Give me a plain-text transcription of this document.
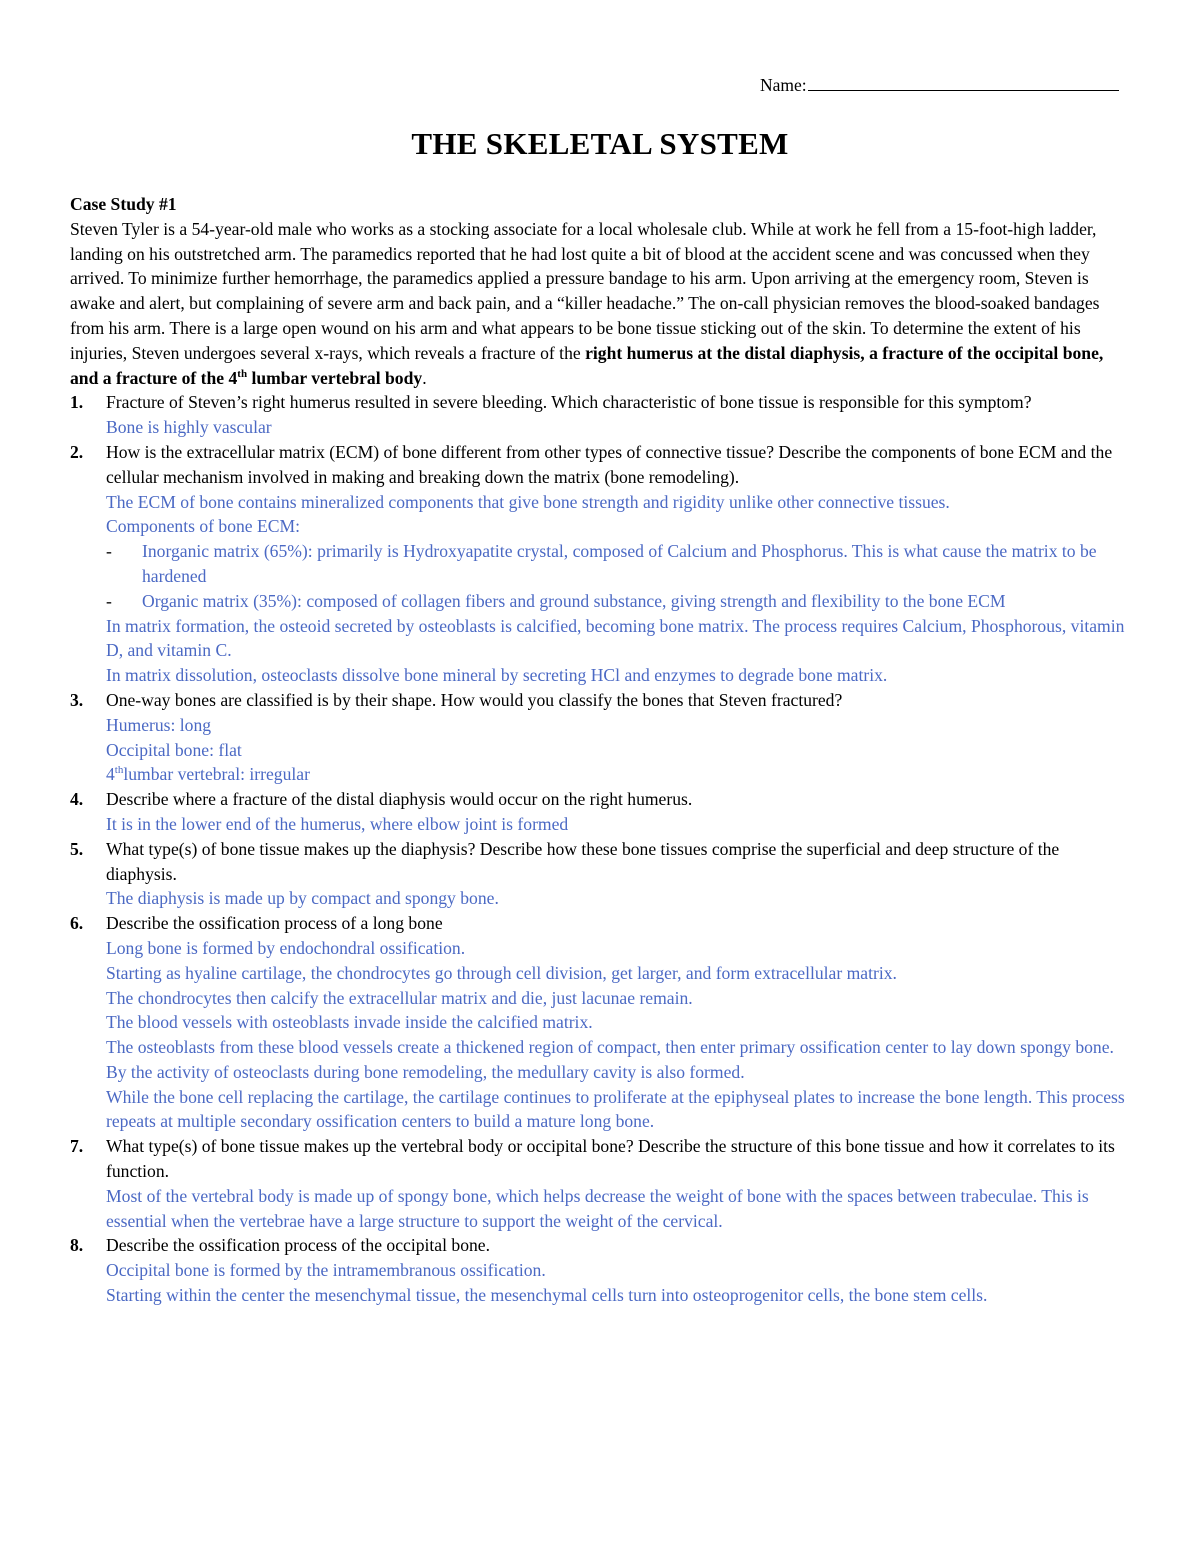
Name:
THE SKELETAL SYSTEM

Case Study #1

Steven Tyler is a 54-year-old male who works as a stocking associate for a local wholesale club. While at work he fell from a 15-foot-high ladder, landing on his outstretched arm. The paramedics reported that he had lost quite a bit of blood at the accident scene and was concussed when they arrived. To minimize further hemorrhage, the paramedics applied a pressure bandage to his arm. Upon arriving at the emergency room, Steven is awake and alert, but complaining of severe arm and back pain, and a “killer headache.” The on-call physician removes the blood-soaked bandages from his arm. There is a large open wound on his arm and what appears to be bone tissue sticking out of the skin. To determine the extent of his injuries, Steven undergoes several x-rays, which reveals a fracture of the right humerus at the distal diaphysis, a fracture of the occipital bone, and a fracture of the 4th lumbar vertebral body.

1. Fracture of Steven’s right humerus resulted in severe bleeding. Which characteristic of bone tissue is responsible for this symptom?

Bone is highly vascular

2. How is the extracellular matrix (ECM) of bone different from other types of connective tissue? Describe the components of bone ECM and the cellular mechanism involved in making and breaking down the matrix (bone remodeling).

The ECM of bone contains mineralized components that give bone strength and rigidity unlike other connective tissues.

Components of bone ECM:

- Inorganic matrix (65%): primarily is Hydroxyapatite crystal, composed of Calcium and Phosphorus. This is what cause the matrix to be hardened

- Organic matrix (35%): composed of collagen fibers and ground substance, giving strength and flexibility to the bone ECM

In matrix formation, the osteoid secreted by osteoblasts is calcified, becoming bone matrix. The process requires Calcium, Phosphorous, vitamin D, and vitamin C.

In matrix dissolution, osteoclasts dissolve bone mineral by secreting HCl and enzymes to degrade bone matrix.

3. One-way bones are classified is by their shape. How would you classify the bones that Steven fractured?

Humerus: long

Occipital bone: flat

4thlumbar vertebral: irregular

4. Describe where a fracture of the distal diaphysis would occur on the right humerus.

It is in the lower end of the humerus, where elbow joint is formed

5. What type(s) of bone tissue makes up the diaphysis? Describe how these bone tissues comprise the superficial and deep structure of the diaphysis.

The diaphysis is made up by compact and spongy bone.

6. Describe the ossification process of a long bone

Long bone is formed by endochondral ossification.

Starting as hyaline cartilage, the chondrocytes go through cell division, get larger, and form extracellular matrix.

The chondrocytes then calcify the extracellular matrix and die, just lacunae remain.

The blood vessels with osteoblasts invade inside the calcified matrix.

The osteoblasts from these blood vessels create a thickened region of compact, then enter primary ossification center to lay down spongy bone.

By the activity of osteoclasts during bone remodeling, the medullary cavity is also formed.

While the bone cell replacing the cartilage, the cartilage continues to proliferate at the epiphyseal plates to increase the bone length. This process repeats at multiple secondary ossification centers to build a mature long bone.

7. What type(s) of bone tissue makes up the vertebral body or occipital bone? Describe the structure of this bone tissue and how it correlates to its function.

Most of the vertebral body is made up of spongy bone, which helps decrease the weight of bone with the spaces between trabeculae. This is essential when the vertebrae have a large structure to support the weight of the cervical.

8. Describe the ossification process of the occipital bone.

Occipital bone is formed by the intramembranous ossification.

Starting within the center the mesenchymal tissue, the mesenchymal cells turn into osteoprogenitor cells, the bone stem cells.
